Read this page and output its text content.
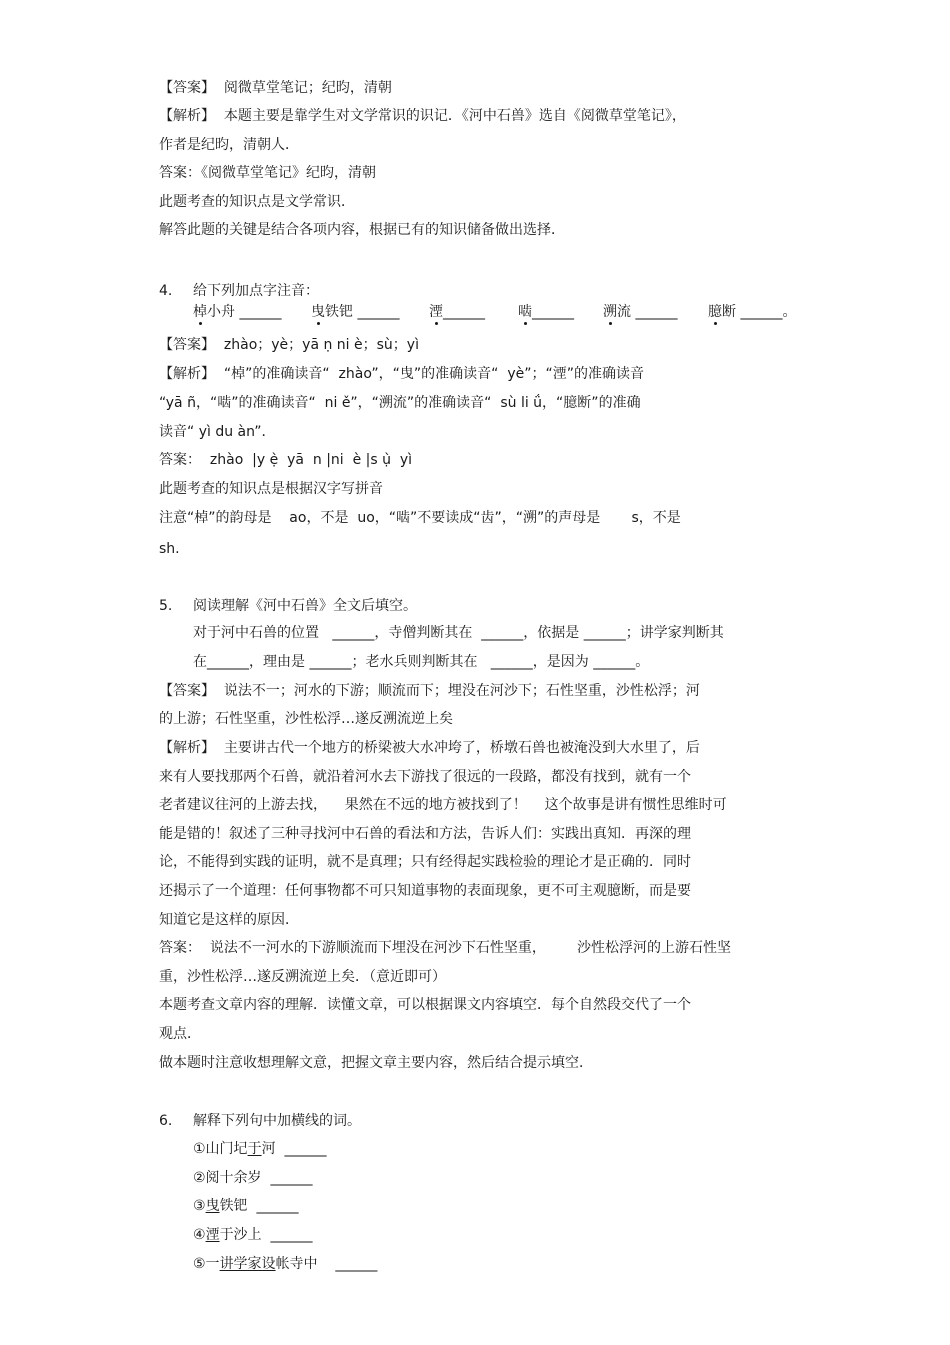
【答案】  阅微草堂笔记；纪昀，清朝
【解析】  本题主要是靠学生对文学常识的识记．《河中石兽》选自《阅微草堂笔记》，
作者是纪昀，清朝人．
答案：《阅微草堂笔记》纪昀，清朝
此题考查的知识点是文学常识．
解答此题的关键是结合各项内容，根据已有的知识储备做出选择．
4. 给下列加点字注音：
棹小舟 ______ 曳铁钯 ______ 湮______ 啮______ 溯流 ______ 臆断 ______。
【答案】  zhào；yè；yā ṇ ni è；sù；yì
【解析】  “棹”的准确读音“  zhào”，“曳”的准确读音“  yè”；“湮”的准确读音
“yā ñ，“啮”的准确读音“  ni ě”，“溯流”的准确读音“  sù li ǘ，“臆断”的准确
读音“ yì du àn”．
答案：  zhào  |y ẹ̀  yā  n |ni  è |s ụ̀  yì
此题考查的知识点是根据汉字写拼音
注意“棹”的韵母是    ao，不是  uo，“啮”不要读成“齿”，“溯”的声母是       s，不是
sh.
5. 阅读理解《河中石兽》全文后填空。
对于河中石兽的位置   ______，寺僧判断其在  ______，依据是 ______；讲学家判断其
在______，理由是 ______；老水兵则判断其在   ______，是因为 ______。
【答案】  说法不一；河水的下游；顺流而下；埋没在河沙下；石性坚重，沙性松浮；河
的上游；石性坚重，沙性松浮…遂反溯流逆上矣
【解析】  主要讲古代一个地方的桥梁被大水冲垮了，桥墩石兽也被淹没到大水里了，后
来有人要找那两个石兽，就沿着河水去下游找了很远的一段路，都没有找到，就有一个
老者建议往河的上游去找，    果然在不远的地方被找到了！    这个故事是讲有惯性思维时可
能是错的！叙述了三种寻找河中石兽的看法和方法，告诉人们：实践出真知．再深的理
论，不能得到实践的证明，就不是真理；只有经得起实践检验的理论才是正确的．同时
还揭示了一个道理：任何事物都不可只知道事物的表面现象，更不可主观臆断，而是要
知道它是这样的原因．
答案：  说法不一河水的下游顺流而下埋没在河沙下石性坚重，       沙性松浮河的上游石性坚
重，沙性松浮…遂反溯流逆上矣．（意近即可）
本题考查文章内容的理解．读懂文章，可以根据课文内容填空．每个自然段交代了一个
观点．
做本题时注意收想理解文意，把握文章主要内容，然后结合提示填空．
6. 解释下列句中加横线的词。
①山门圮于河  ______
②阅十余岁  ______
③曳铁钯  ______
④湮于沙上  ______
⑤一讲学家设帐寺中    ______
